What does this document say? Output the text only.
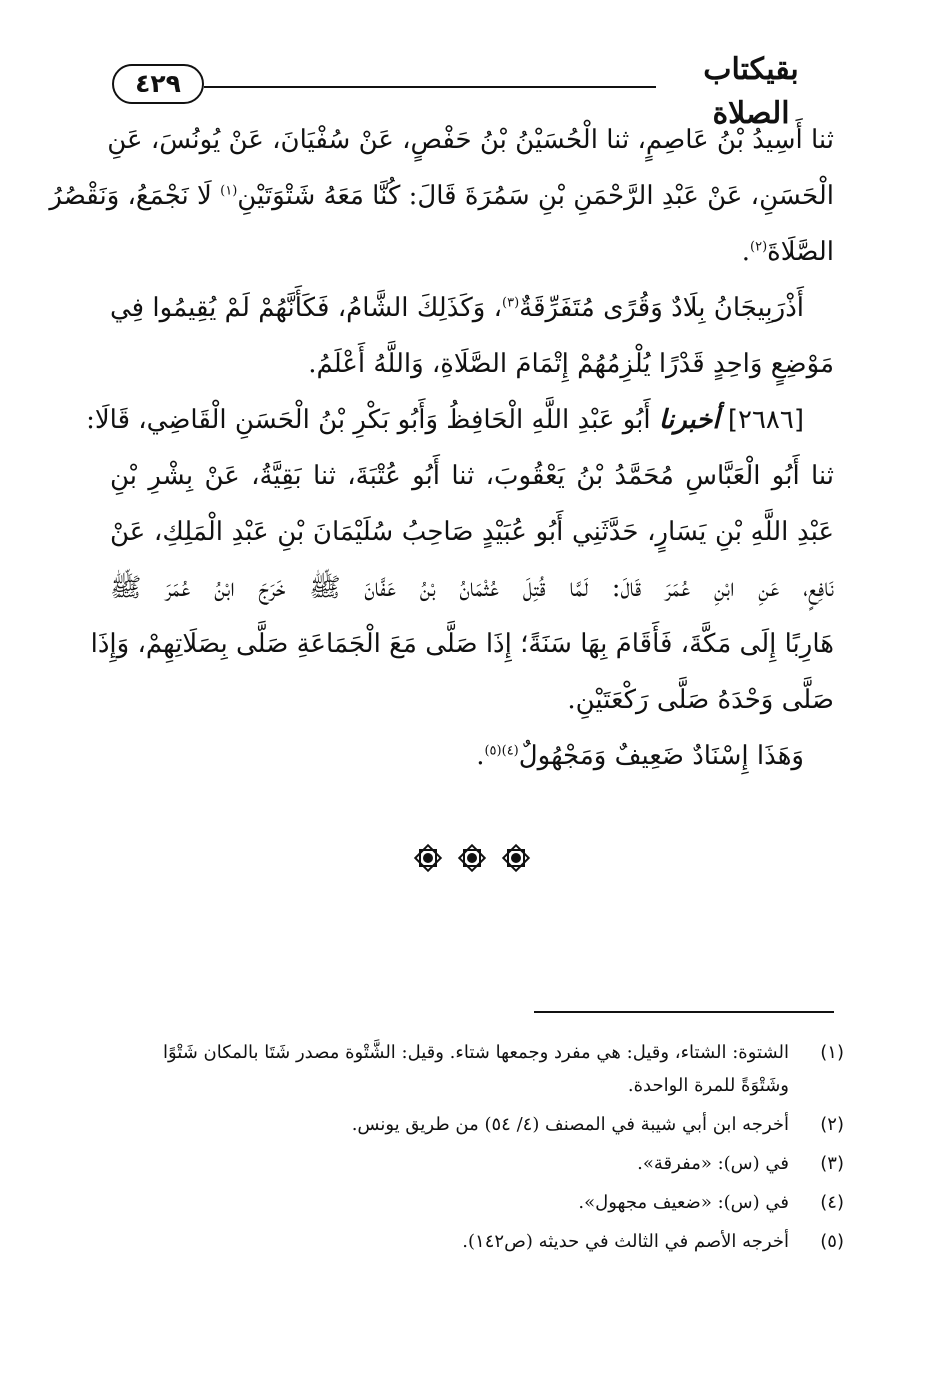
بقيكتاب الصلاة
٤٢٩
ثنا أَسِيدُ بْنُ عَاصِمٍ، ثنا الْحُسَيْنُ بْنُ حَفْصٍ، عَنْ سُفْيَانَ، عَنْ يُونُسَ، عَنِ
الْحَسَنِ، عَنْ عَبْدِ الرَّحْمَنِ بْنِ سَمُرَةَ قَالَ: كُنَّا مَعَهُ شَتْوَتَيْنِ$^{(١)}$ لَا نَجْمَعُ، وَنَقْصُرُ
الصَّلَاةَ$^{(٢)}$.
أَذْرَبِيجَانُ بِلَادٌ وَقُرًى مُتَفَرِّقَةٌ$^{(٣)}$، وَكَذَلِكَ الشَّامُ، فَكَأَنَّهُمْ لَمْ يُقِيمُوا فِي
مَوْضِعٍ وَاحِدٍ قَدْرًا يُلْزِمُهُمْ إِتْمَامَ الصَّلَاةِ، وَاللَّهُ أَعْلَمُ.
[٢٦٨٦] أخبرنا أَبُو عَبْدِ اللَّهِ الْحَافِظُ وَأَبُو بَكْرِ بْنُ الْحَسَنِ الْقَاضِي، قَالَا:
ثنا أَبُو الْعَبَّاسِ مُحَمَّدُ بْنُ يَعْقُوبَ، ثنا أَبُو عُتْبَةَ، ثنا بَقِيَّةُ، عَنْ بِشْرِ بْنِ
عَبْدِ اللَّهِ بْنِ يَسَارٍ، حَدَّثَنِي أَبُو عُبَيْدٍ صَاحِبُ سُلَيْمَانَ بْنِ عَبْدِ الْمَلِكِ، عَنْ
نَافِعٍ، عَنِ ابْنِ عُمَرَ قَالَ: لَمَّا قُتِلَ عُثْمَانُ بْنُ عَفَّانَ ﷺ خَرَجَ ابْنُ عُمَرَ ﷺ
هَارِبًا إِلَى مَكَّةَ، فَأَقَامَ بِهَا سَنَةً؛ إِذَا صَلَّى مَعَ الْجَمَاعَةِ صَلَّى بِصَلَاتِهِمْ، وَإِذَا
صَلَّى وَحْدَهُ صَلَّى رَكْعَتَيْنِ.
وَهَذَا إِسْنَادٌ ضَعِيفٌ وَمَجْهُولٌ$^{(٤)(٥)}$.
(١)
الشتوة: الشتاء، وقيل: هي مفرد وجمعها شتاء. وقيل: الشَّتْوة مصدر شَتَا بالمكان شَتْوًا
وشَتْوَةً للمرة الواحدة.
(٢)
أخرجه ابن أبي شيبة في المصنف (٤/ ٥٤) من طريق يونس.
(٣)
في (س): «مفرقة».
(٤)
في (س): «ضعيف مجهول».
(٥)
أخرجه الأصم في الثالث في حديثه (ص١٤٢).
